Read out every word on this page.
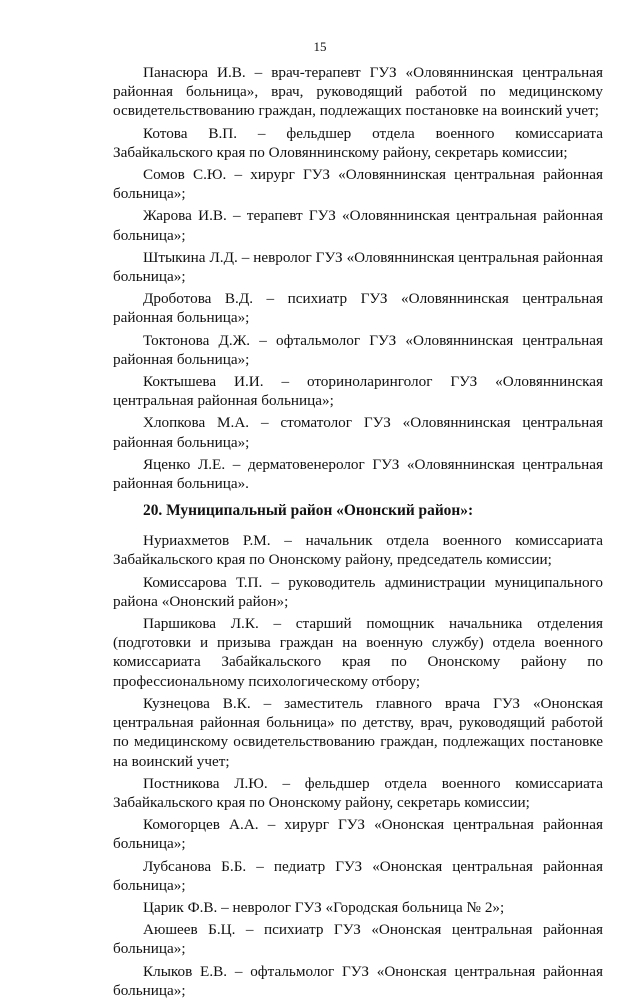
15

Панасюра И.В. – врач-терапевт ГУЗ «Оловяннинская центральная районная больница», врач, руководящий работой по медицинскому освидетельствованию граждан, подлежащих постановке на воинский учет;

Котова В.П. – фельдшер отдела военного комиссариата Забайкальского края по Оловяннинскому району, секретарь комиссии;

Сомов С.Ю. – хирург ГУЗ «Оловяннинская центральная районная больница»;

Жарова И.В. – терапевт ГУЗ «Оловяннинская центральная районная больница»;

Штыкина Л.Д. – невролог ГУЗ «Оловяннинская центральная районная больница»;

Дроботова В.Д. – психиатр ГУЗ «Оловяннинская центральная районная больница»;

Токтонова Д.Ж. – офтальмолог ГУЗ «Оловяннинская центральная районная больница»;

Коктышева И.И. – оториноларинголог ГУЗ «Оловяннинская центральная районная больница»;

Хлопкова М.А. – стоматолог ГУЗ «Оловяннинская центральная районная больница»;

Яценко Л.Е. – дерматовенеролог ГУЗ «Оловяннинская центральная районная больница».

20. Муниципальный район «Ононский район»:

Нуриахметов Р.М. – начальник отдела военного комиссариата Забайкальского края по Ононскому району, председатель комиссии;

Комиссарова Т.П. – руководитель администрации муниципального района «Ононский район»;

Паршикова Л.К. – старший помощник начальника отделения (подготовки и призыва граждан на военную службу) отдела военного комиссариата Забайкальского края по Ононскому району по профессиональному психологическому отбору;

Кузнецова В.К. – заместитель главного врача ГУЗ «Ононская центральная районная больница» по детству, врач, руководящий работой по медицинскому освидетельствованию граждан, подлежащих постановке на воинский учет;

Постникова Л.Ю. – фельдшер отдела военного комиссариата Забайкальского края по Ононскому району, секретарь комиссии;

Комогорцев А.А. – хирург ГУЗ «Ононская центральная районная больница»;

Лубсанова Б.Б. – педиатр ГУЗ «Ононская центральная районная больница»;

Царик Ф.В. – невролог ГУЗ «Городская больница № 2»;

Аюшеев Б.Ц. – психиатр ГУЗ «Ононская центральная районная больница»;

Клыков Е.В. – офтальмолог ГУЗ «Ононская центральная районная больница»;
